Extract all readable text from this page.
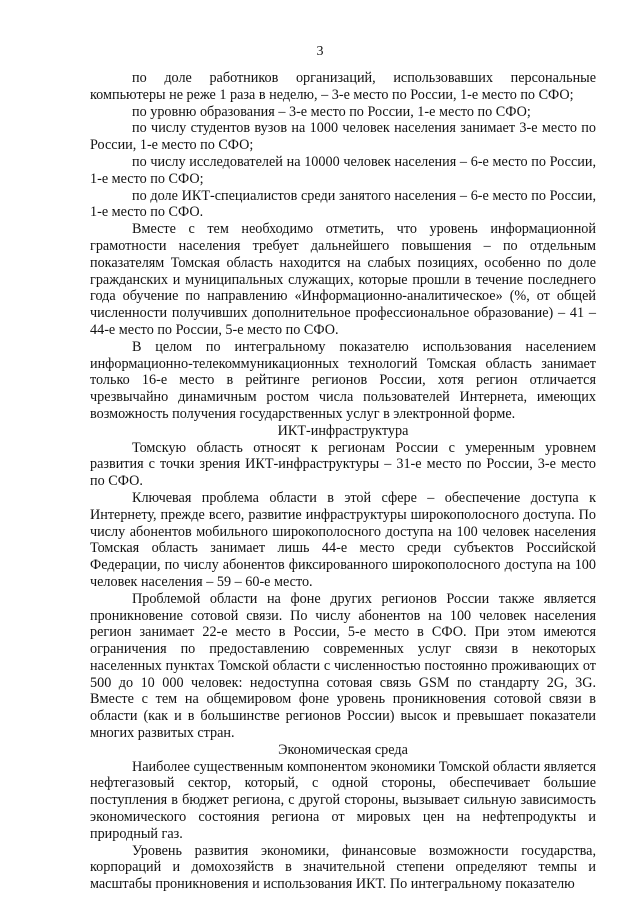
3

по доле работников организаций, использовавших персональные компьютеры не реже 1 раза в неделю, – 3-е место по России, 1-е место по СФО;

по уровню образования – 3-е место по России, 1-е место по СФО;

по числу студентов вузов на 1000 человек населения занимает 3-е место по России, 1-е место по СФО;

по числу исследователей на 10000 человек населения – 6-е место по России, 1-е место по СФО;

по доле ИКТ-специалистов среди занятого населения – 6-е место по России, 1-е место по СФО.

Вместе с тем необходимо отметить, что уровень информационной грамотности населения требует дальнейшего повышения – по отдельным показателям Томская область находится на слабых позициях, особенно по доле гражданских и муниципальных служащих, которые прошли в течение последнего года обучение по направлению «Информационно-аналитическое» (%, от общей численности получивших дополнительное профессиональное образование) – 41 – 44-е место по России, 5-е место по СФО.

В целом по интегральному показателю использования населением информационно-телекоммуникационных технологий Томская область занимает только 16-е место в рейтинге регионов России, хотя регион отличается чрезвычайно динамичным ростом числа пользователей Интернета, имеющих возможность получения государственных услуг в электронной форме.

ИКТ-инфраструктура

Томскую область относят к регионам России с умеренным уровнем развития с точки зрения ИКТ-инфраструктуры – 31-е место по России, 3-е место по СФО.

Ключевая проблема области в этой сфере – обеспечение доступа к Интернету, прежде всего, развитие инфраструктуры широкополосного доступа. По числу абонентов мобильного широкополосного доступа на 100 человек населения Томская область занимает лишь 44-е место среди субъектов Российской Федерации, по числу абонентов фиксированного широкополосного доступа на 100 человек населения – 59 – 60-е место.

Проблемой области на фоне других регионов России также является проникновение сотовой связи. По числу абонентов на 100 человек населения регион занимает 22-е место в России, 5-е место в СФО. При этом имеются ограничения по предоставлению современных услуг связи в некоторых населенных пунктах Томской области с численностью постоянно проживающих от 500 до 10 000 человек: недоступна сотовая связь GSM по стандарту 2G, 3G. Вместе с тем на общемировом фоне уровень проникновения сотовой связи в области (как и в большинстве регионов России) высок и превышает показатели многих развитых стран.

Экономическая среда

Наиболее существенным компонентом экономики Томской области является нефтегазовый сектор, который, с одной стороны, обеспечивает большие поступления в бюджет региона, с другой стороны, вызывает сильную зависимость экономического состояния региона от мировых цен на нефтепродукты и природный газ.

Уровень развития экономики, финансовые возможности государства, корпораций и домохозяйств в значительной степени определяют темпы и масштабы проникновения и использования ИКТ. По интегральному показателю
